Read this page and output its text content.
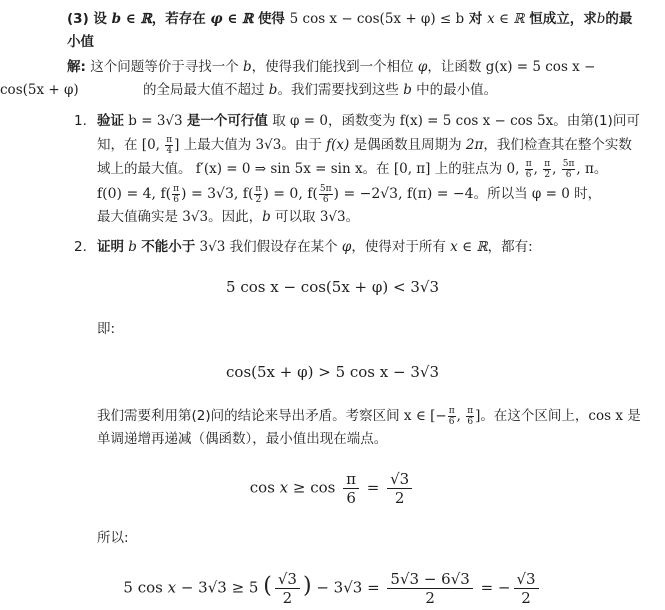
(3) 设 b ∈ ℝ，若存在 φ ∈ ℝ 使得 5 cos x − cos(5x + φ) ≤ b 对 x ∈ ℝ 恒成立，求b的最小值
解: 这个问题等价于寻找一个 b，使得我们能找到一个相位 φ，让函数 g(x) = 5 cos x −
cos(5x + φ)	的全局最大值不超过 b。我们需要找到这些 b 中的最小值。
1. 验证 b = 3√3 是一个可行值 取 φ = 0，函数变为 f(x) = 5 cos x − cos 5x。由第(1)问可
知，在 [0, $\frac{\pi}{4}$ ] 上最大值为 3√3。由于 f(x) 是偶函数且周期为 2π，我们检查其在整个实数
域上的最大值。 f′(x) = 0 ⇒ sin 5x = sin x。在 [0, π] 上的驻点为 0, $\frac{\pi}{6}$ , $\frac{\pi}{2}$ , $\frac{5\pi}{6}$ , π。
f(0) = 4, $f( \frac{\pi}{6}$ ) = 3√3, $f( \frac{\pi}{2}$ ) = 0, $f( \frac{5\pi}{6}$ ) = −2√3, f(π) = −4。所以当 φ = 0 时，
最大值确实是 3√3。因此，b 可以取 3√3。
2. 证明 b 不能小于 3√3 我们假设存在某个 φ，使得对于所有 x ∈ ℝ，都有:
5 cos x − cos(5x + φ) < 3√3
即:
cos(5x + φ) > 5 cos x − 3√3
我们需要利用第(2)问的结论来导出矛盾。考察区间 x ∈ [− $\frac{\pi}{6}$ , $\frac{\pi}{6}$ ]。在这个区间上，cos x 是
单调递增再递减（偶函数），最小值出现在端点。
$\cos x \ge \cos \frac{\pi}{6} = \frac{√3}{2}$
所以:
5 cos x − 3√3 ≥ 5 ( $\frac{√3}{2}$ ) − $3√3 = \frac{5√3 - 6√3}{2}$ = − $\frac{√3}{2}$
